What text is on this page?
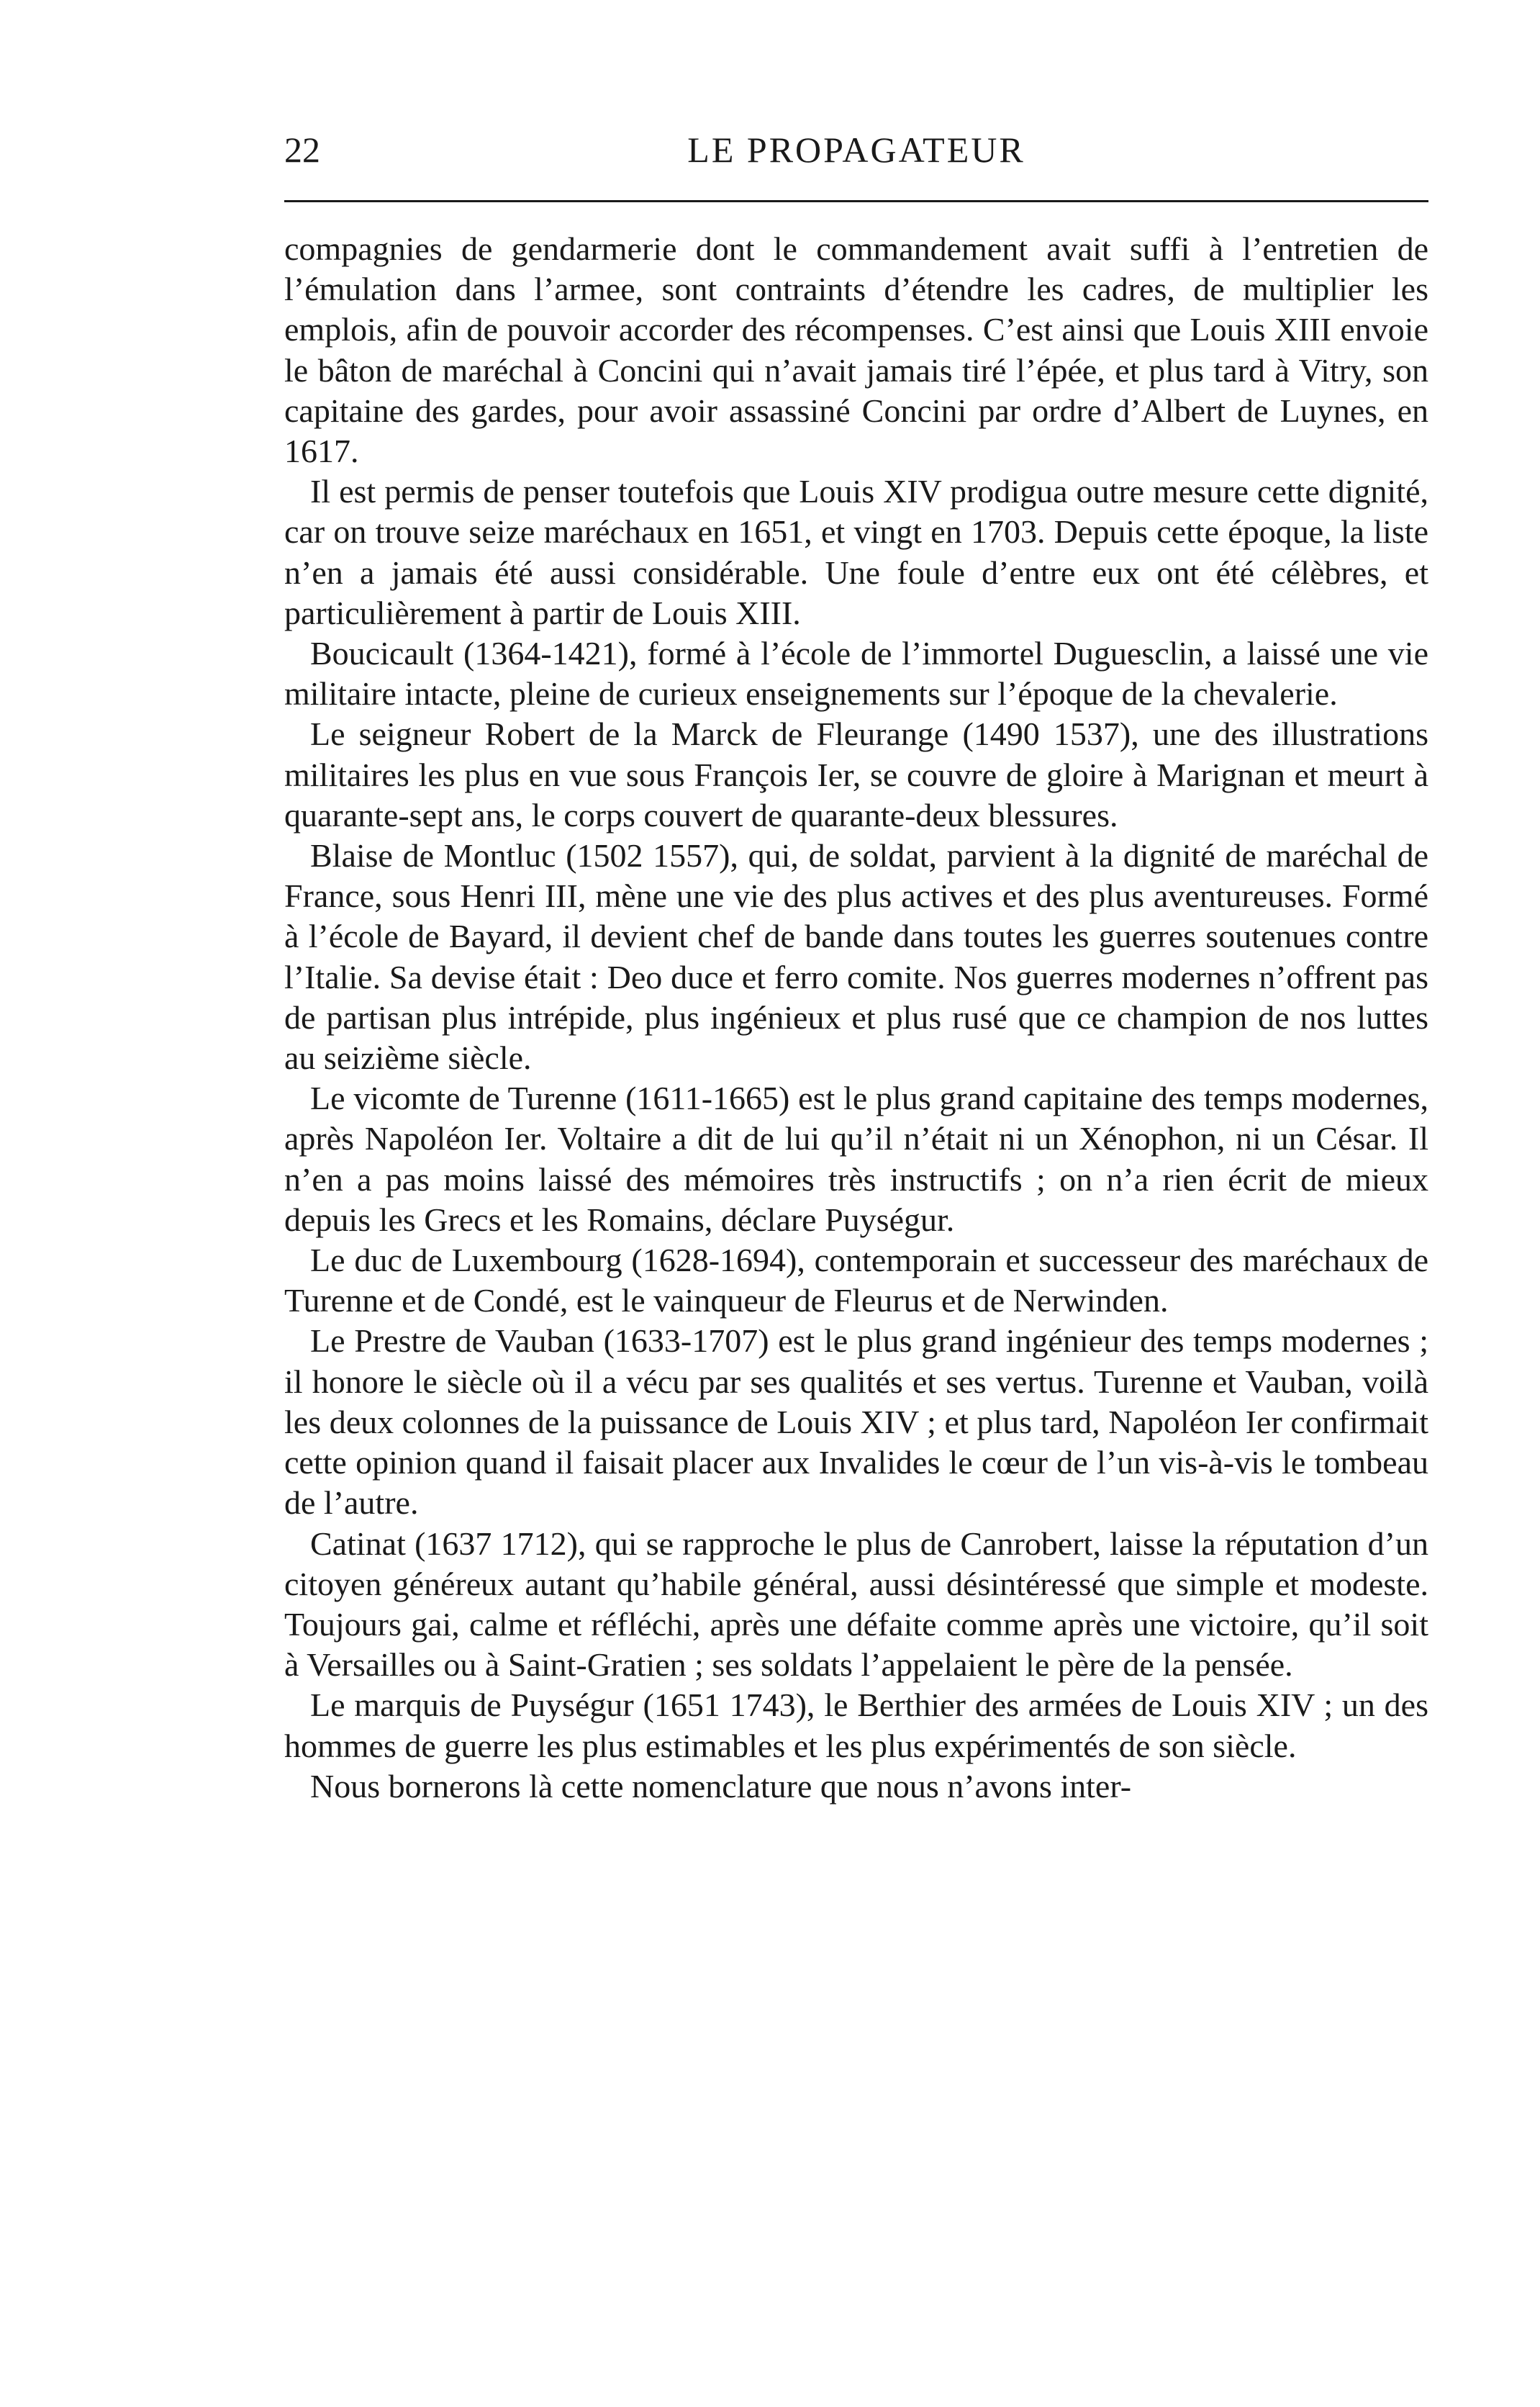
22	LE PROPAGATEUR

compagnies de gendarmerie dont le commandement avait suffi à l’entretien de l’émulation dans l’armee, sont contraints d’étendre les cadres, de multiplier les emplois, afin de pouvoir accorder des récompenses. C’est ainsi que Louis XIII envoie le bâton de maréchal à Concini qui n’avait jamais tiré l’épée, et plus tard à Vitry, son capitaine des gardes, pour avoir assassiné Concini par ordre d’Albert de Luynes, en 1617.

Il est permis de penser toutefois que Louis XIV prodigua outre mesure cette dignité, car on trouve seize maréchaux en 1651, et vingt en 1703. Depuis cette époque, la liste n’en a jamais été aussi considérable. Une foule d’entre eux ont été célèbres, et particulièrement à partir de Louis XIII.

Boucicault (1364-1421), formé à l’école de l’immortel Duguesclin, a laissé une vie militaire intacte, pleine de curieux enseignements sur l’époque de la chevalerie.

Le seigneur Robert de la Marck de Fleurange (1490 1537), une des illustrations militaires les plus en vue sous François Ier, se couvre de gloire à Marignan et meurt à quarante-sept ans, le corps couvert de quarante-deux blessures.

Blaise de Montluc (1502 1557), qui, de soldat, parvient à la dignité de maréchal de France, sous Henri III, mène une vie des plus actives et des plus aventureuses. Formé à l’école de Bayard, il devient chef de bande dans toutes les guerres soutenues contre l’Italie. Sa devise était : Deo duce et ferro comite. Nos guerres modernes n’offrent pas de partisan plus intrépide, plus ingénieux et plus rusé que ce champion de nos luttes au seizième siècle.

Le vicomte de Turenne (1611-1665) est le plus grand capitaine des temps modernes, après Napoléon Ier. Voltaire a dit de lui qu’il n’était ni un Xénophon, ni un César. Il n’en a pas moins laissé des mémoires très instructifs ; on n’a rien écrit de mieux depuis les Grecs et les Romains, déclare Puységur.

Le duc de Luxembourg (1628-1694), contemporain et successeur des maréchaux de Turenne et de Condé, est le vainqueur de Fleurus et de Nerwinden.

Le Prestre de Vauban (1633-1707) est le plus grand ingénieur des temps modernes ; il honore le siècle où il a vécu par ses qualités et ses vertus. Turenne et Vauban, voilà les deux colonnes de la puissance de Louis XIV ; et plus tard, Napoléon Ier confirmait cette opinion quand il faisait placer aux Invalides le cœur de l’un vis-à-vis le tombeau de l’autre.

Catinat (1637 1712), qui se rapproche le plus de Canrobert, laisse la réputation d’un citoyen généreux autant qu’habile général, aussi désintéressé que simple et modeste. Toujours gai, calme et réfléchi, après une défaite comme après une victoire, qu’il soit à Versailles ou à Saint-Gratien ; ses soldats l’appelaient le père de la pensée.

Le marquis de Puységur (1651 1743), le Berthier des armées de Louis XIV ; un des hommes de guerre les plus estimables et les plus expérimentés de son siècle.

Nous bornerons là cette nomenclature que nous n’avons inter-
